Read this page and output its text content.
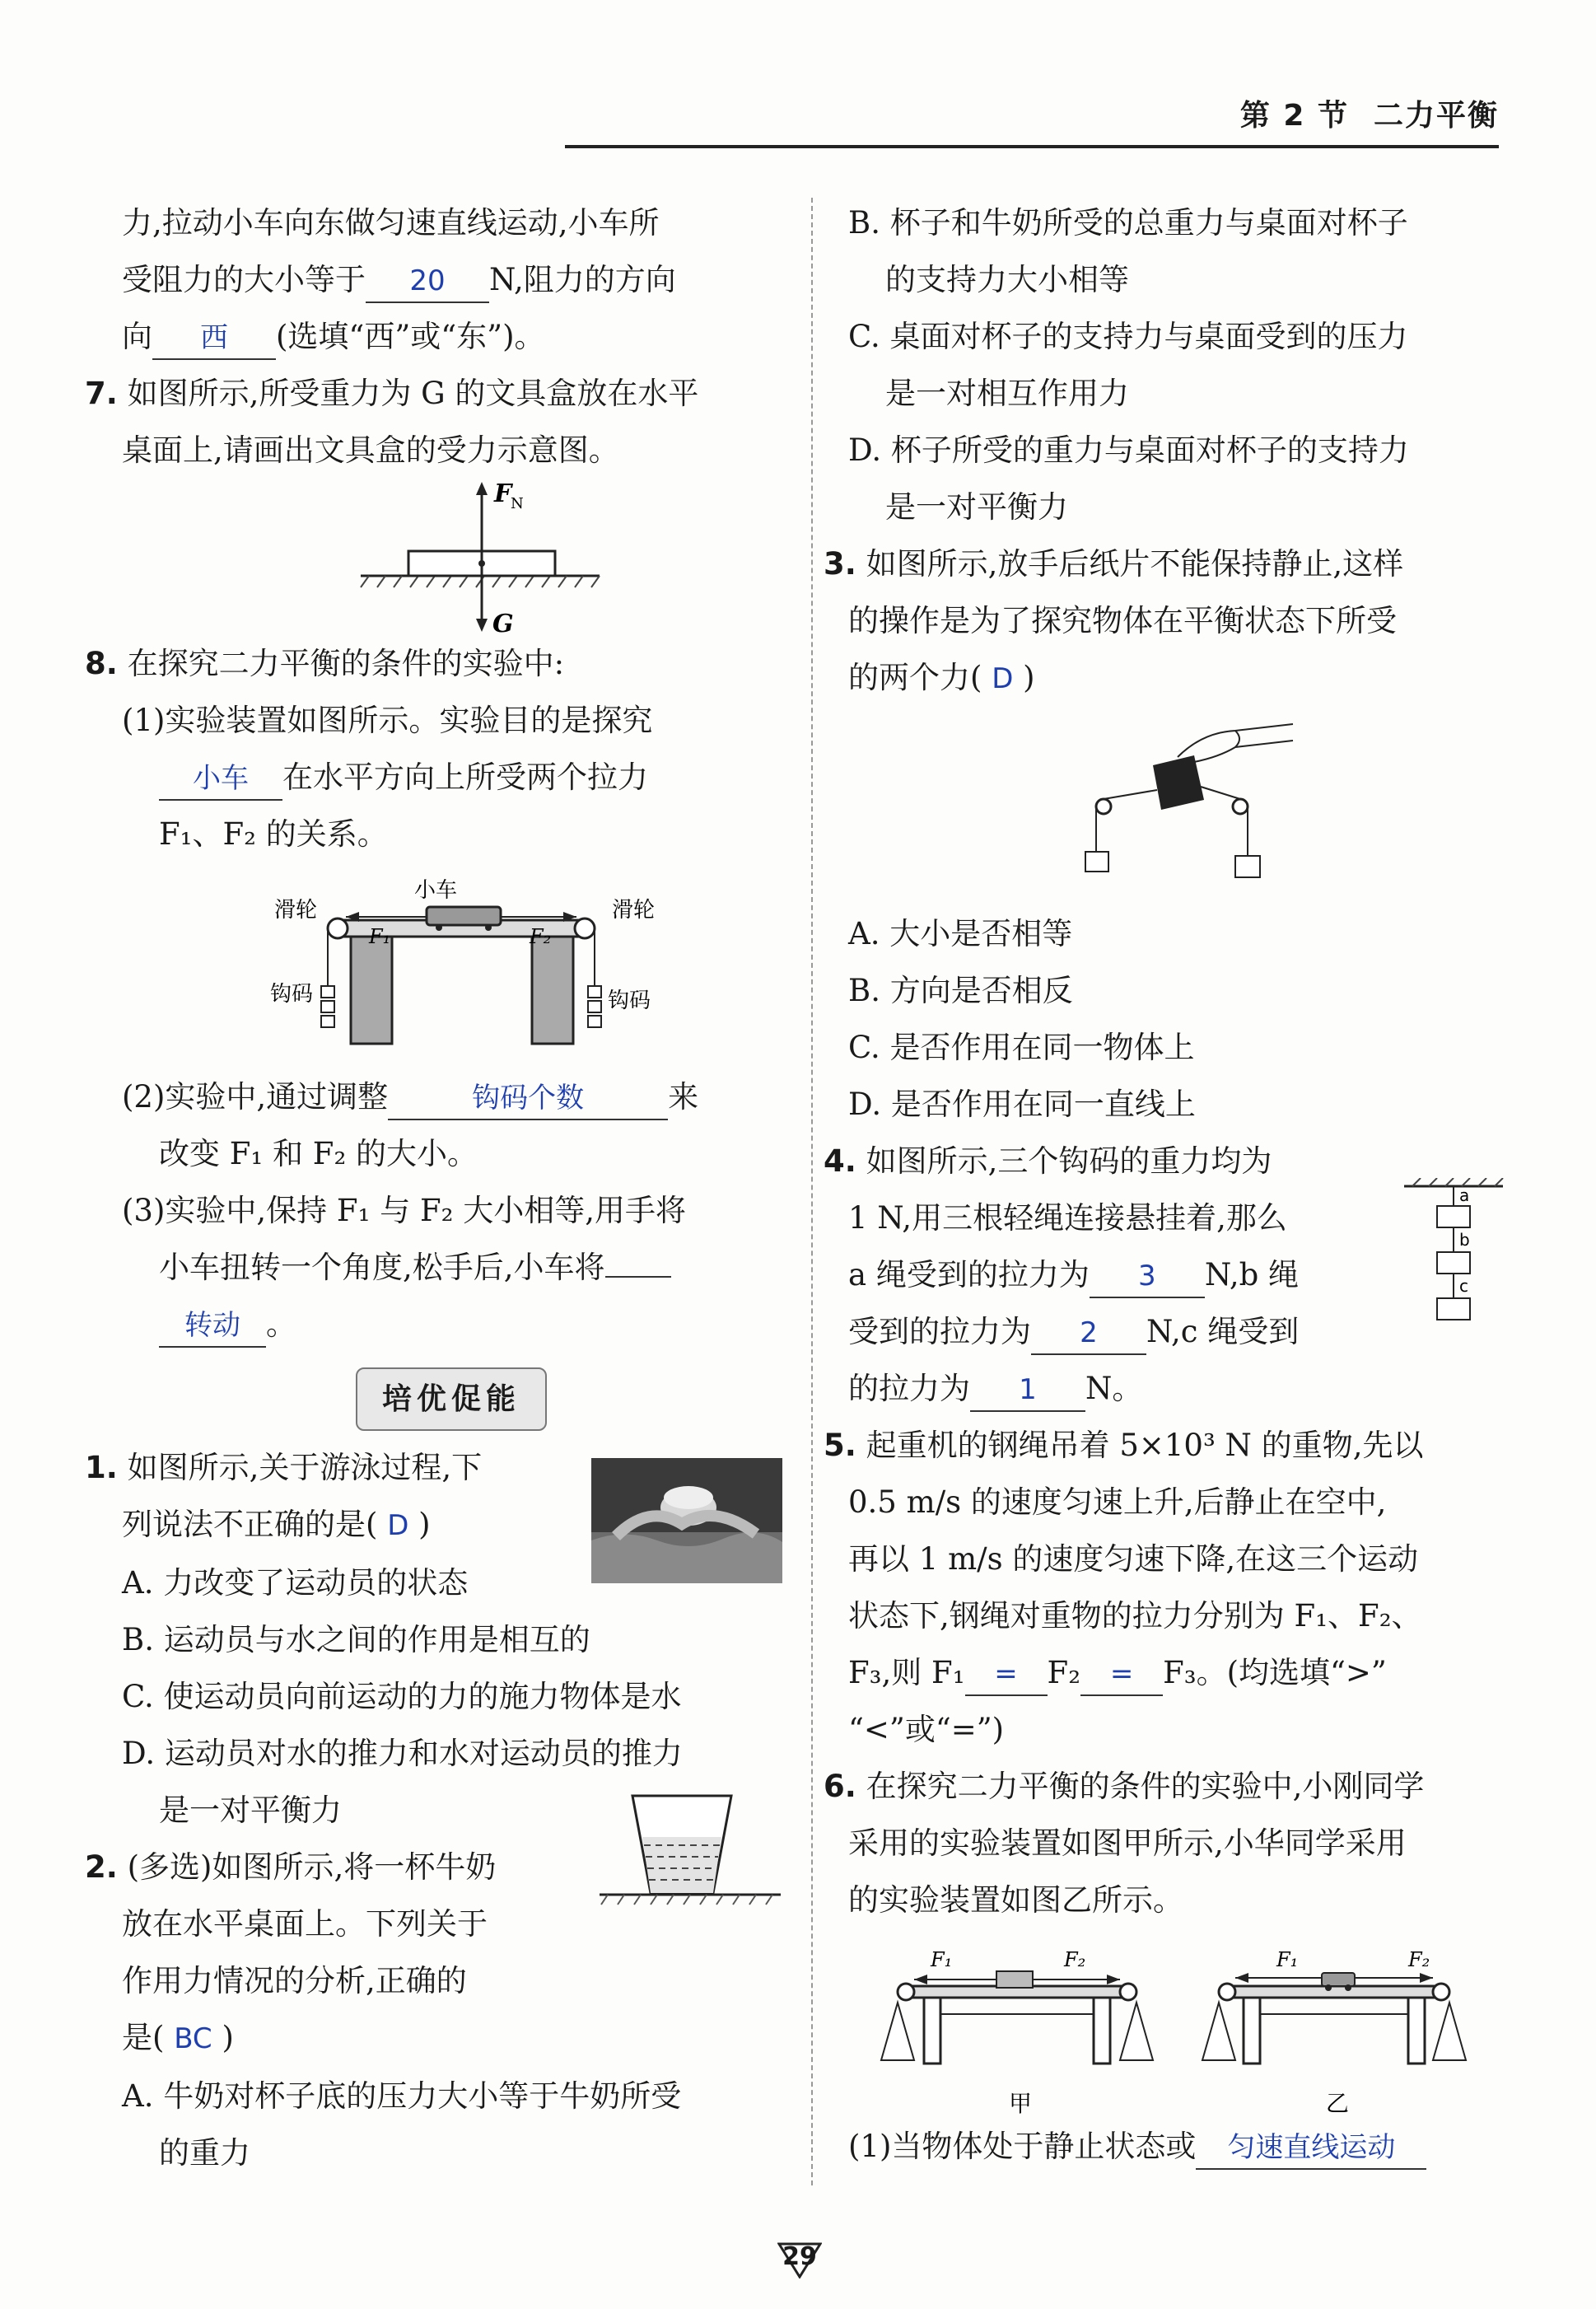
第 2 节 二力平衡
力,拉动小车向东做匀速直线运动,小车所
受阻力的大小等于 20 N,阻力的方向
向 西 (选填“西”或“东”)。
7. 如图所示,所受重力为 G 的文具盒放在水平
桌面上,请画出文具盒的受力示意图。
F
N
G
8. 在探究二力平衡的条件的实验中:
(1)实验装置如图所示。实验目的是探究
小车 在水平方向上所受两个拉力
F₁、F₂ 的关系。
小车
F₁	F₂
滑轮	滑轮
钩码	钩码
(2)实验中,通过调整	钩码个数	来
改变 F₁ 和 F₂ 的大小。
(3)实验中,保持 F₁ 与 F₂ 大小相等,用手将
小车扭转一个角度,松手后,小车将
转动 。
培优促能
1. 如图所示,关于游泳过程,下
列说法不正确的是( D )
A. 力改变了运动员的状态
B. 运动员与水之间的作用是相互的
C. 使运动员向前运动的力的施力物体是水
D. 运动员对水的推力和水对运动员的推力
是一对平衡力
2. (多选)如图所示,将一杯牛奶
放在水平桌面上。下列关于
作用力情况的分析,正确的
是( BC )
A. 牛奶对杯子底的压力大小等于牛奶所受
的重力
B. 杯子和牛奶所受的总重力与桌面对杯子
的支持力大小相等
C. 桌面对杯子的支持力与桌面受到的压力
是一对相互作用力
D. 杯子所受的重力与桌面对杯子的支持力
是一对平衡力
3. 如图所示,放手后纸片不能保持静止,这样
的操作是为了探究物体在平衡状态下所受
的两个力( D )
A. 大小是否相等
B. 方向是否相反
C. 是否作用在同一物体上
D. 是否作用在同一直线上
4. 如图所示,三个钩码的重力均为
1 N,用三根轻绳连接悬挂着,那么
a 绳受到的拉力为 3 N,b 绳
受到的拉力为 2 N,c 绳受到
的拉力为 1 N。
5. 起重机的钢绳吊着 5×10³ N 的重物,先以
0.5 m/s 的速度匀速上升,后静止在空中,
再以 1 m/s 的速度匀速下降,在这三个运动
状态下,钢绳对重物的拉力分别为 F₁、F₂、
F₃,则 F₁ = F₂ = F₃。(均选填“>”
“<”或“=”)
6. 在探究二力平衡的条件的实验中,小刚同学
采用的实验装置如图甲所示,小华同学采用
的实验装置如图乙所示。
F₁	F₂
甲
F₁	F₂
乙
(1)当物体处于静止状态或 匀速直线运动
a
b
c
29
